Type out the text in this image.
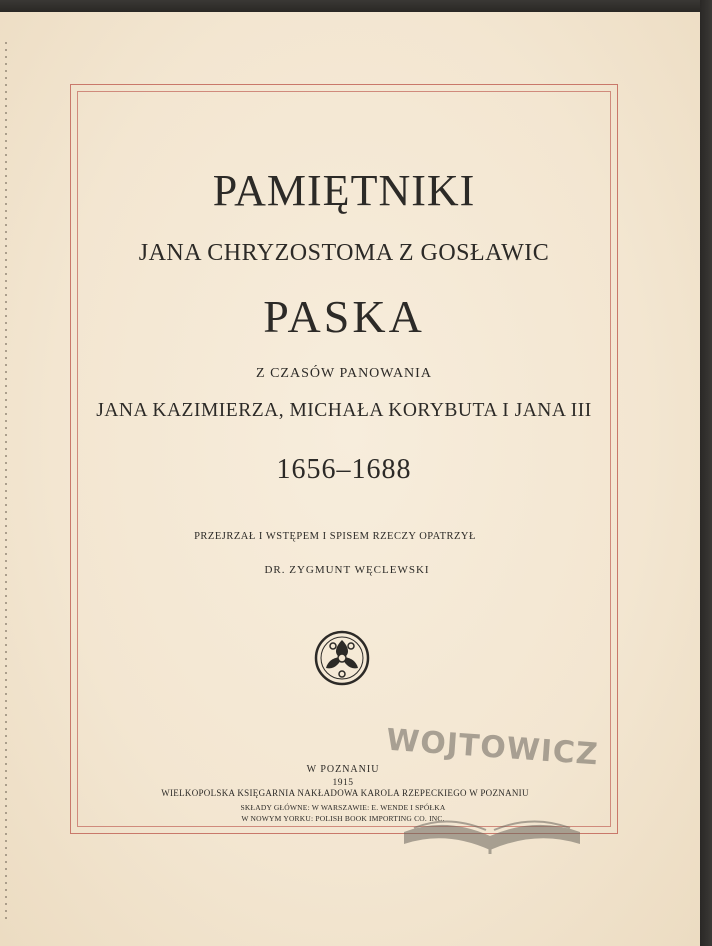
PAMIĘTNIKI
JANA CHRYZOSTOMA Z GOSŁAWIC
PASKA
Z CZASÓW PANOWANIA
JANA KAZIMIERZA, MICHAŁA KORYBUTA I JANA III
1656–1688
PRZEJRZAŁ I WSTĘPEM I SPISEM RZECZY OPATRZYŁ
DR. ZYGMUNT WĘCLEWSKI
W POZNANIU
1915
WIELKOPOLSKA KSIĘGARNIA NAKŁADOWA KAROLA RZEPECKIEGO W POZNANIU
SKŁADY GŁÓWNE: W WARSZAWIE: E. WENDE I SPÓŁKA
W NOWYM YORKU: POLISH BOOK IMPORTING CO. INC.
WOJTOWICZ
